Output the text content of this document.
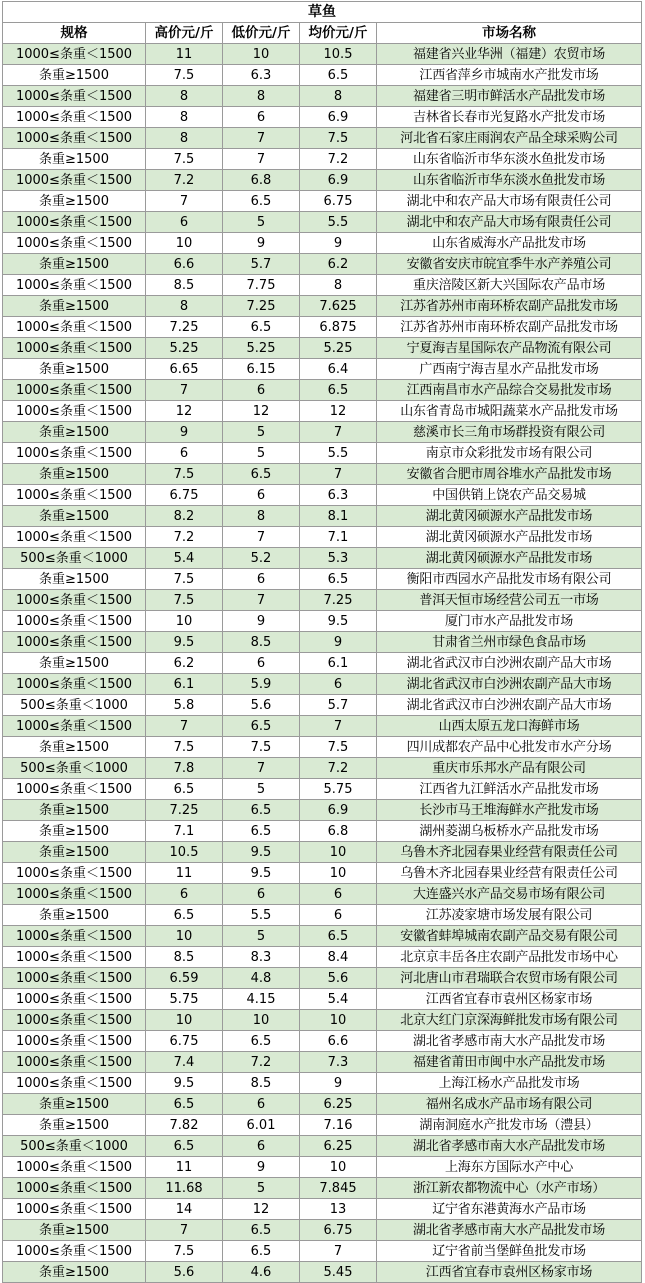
草鱼				
规格	高价元/斤	低价元/斤	均价元/斤	市场名称
1000≤条重＜1500	11	10	10.5	福建省兴业华洲（福建）农贸市场
条重≥1500	7.5	6.3	6.5	江西省萍乡市城南水产批发市场
1000≤条重＜1500	8	8	8	福建省三明市鲜活水产品批发市场
1000≤条重＜1500	8	6	6.9	吉林省长春市光复路水产批发市场
1000≤条重＜1500	8	7	7.5	河北省石家庄雨润农产品全球采购公司
条重≥1500	7.5	7	7.2	山东省临沂市华东淡水鱼批发市场
1000≤条重＜1500	7.2	6.8	6.9	山东省临沂市华东淡水鱼批发市场
条重≥1500	7	6.5	6.75	湖北中和农产品大市场有限责任公司
1000≤条重＜1500	6	5	5.5	湖北中和农产品大市场有限责任公司
1000≤条重＜1500	10	9	9	山东省威海水产品批发市场
条重≥1500	6.6	5.7	6.2	安徽省安庆市皖宜季牛水产养殖公司
1000≤条重＜1500	8.5	7.75	8	重庆涪陵区新大兴国际农产品市场
条重≥1500	8	7.25	7.625	江苏省苏州市南环桥农副产品批发市场
1000≤条重＜1500	7.25	6.5	6.875	江苏省苏州市南环桥农副产品批发市场
1000≤条重＜1500	5.25	5.25	5.25	宁夏海吉星国际农产品物流有限公司
条重≥1500	6.65	6.15	6.4	广西南宁海吉星水产品批发市场
1000≤条重＜1500	7	6	6.5	江西南昌市水产品综合交易批发市场
1000≤条重＜1500	12	12	12	山东省青岛市城阳蔬菜水产品批发市场
条重≥1500	9	5	7	慈溪市长三角市场群投资有限公司
1000≤条重＜1500	6	5	5.5	南京市众彩批发市场有限公司
条重≥1500	7.5	6.5	7	安徽省合肥市周谷堆水产品批发市场
1000≤条重＜1500	6.75	6	6.3	中国供销上饶农产品交易城
条重≥1500	8.2	8	8.1	湖北黄冈硕源水产品批发市场
1000≤条重＜1500	7.2	7	7.1	湖北黄冈硕源水产品批发市场
500≤条重＜1000	5.4	5.2	5.3	湖北黄冈硕源水产品批发市场
条重≥1500	7.5	6	6.5	衡阳市西园水产品批发市场有限公司
1000≤条重＜1500	7.5	7	7.25	普洱天恒市场经营公司五一市场
1000≤条重＜1500	10	9	9.5	厦门市水产品批发市场
1000≤条重＜1500	9.5	8.5	9	甘肃省兰州市绿色食品市场
条重≥1500	6.2	6	6.1	湖北省武汉市白沙洲农副产品大市场
1000≤条重＜1500	6.1	5.9	6	湖北省武汉市白沙洲农副产品大市场
500≤条重＜1000	5.8	5.6	5.7	湖北省武汉市白沙洲农副产品大市场
1000≤条重＜1500	7	6.5	7	山西太原五龙口海鲜市场
条重≥1500	7.5	7.5	7.5	四川成都农产品中心批发市水产分场
500≤条重＜1000	7.8	7	7.2	重庆市乐邦水产品有限公司
1000≤条重＜1500	6.5	5	5.75	江西省九江鲜活水产品批发市场
条重≥1500	7.25	6.5	6.9	长沙市马王堆海鲜水产批发市场
条重≥1500	7.1	6.5	6.8	湖州菱湖乌板桥水产品批发市场
条重≥1500	10.5	9.5	10	乌鲁木齐北园春果业经营有限责任公司
1000≤条重＜1500	11	9.5	10	乌鲁木齐北园春果业经营有限责任公司
1000≤条重＜1500	6	6	6	大连盛兴水产品交易市场有限公司
条重≥1500	6.5	5.5	6	江苏凌家塘市场发展有限公司
1000≤条重＜1500	10	5	6.5	安徽省蚌埠城南农副产品交易有限公司
1000≤条重＜1500	8.5	8.3	8.4	北京京丰岳各庄农副产品批发市场中心
1000≤条重＜1500	6.59	4.8	5.6	河北唐山市君瑞联合农贸市场有限公司
1000≤条重＜1500	5.75	4.15	5.4	江西省宜春市袁州区杨家市场
1000≤条重＜1500	10	10	10	北京大红门京深海鲜批发市场有限公司
1000≤条重＜1500	6.75	6.5	6.6	湖北省孝感市南大水产品批发市场
1000≤条重＜1500	7.4	7.2	7.3	福建省莆田市闽中水产品批发市场
1000≤条重＜1500	9.5	8.5	9	上海江杨水产品批发市场
条重≥1500	6.5	6	6.25	福州名成水产品市场有限公司
条重≥1500	7.82	6.01	7.16	湖南洞庭水产批发市场（澧县）
500≤条重＜1000	6.5	6	6.25	湖北省孝感市南大水产品批发市场
1000≤条重＜1500	11	9	10	上海东方国际水产中心
1000≤条重＜1500	11.68	5	7.845	浙江新农都物流中心（水产市场）
1000≤条重＜1500	14	12	13	辽宁省东港黄海水产品市场
条重≥1500	7	6.5	6.75	湖北省孝感市南大水产品批发市场
1000≤条重＜1500	7.5	6.5	7	辽宁省前当堡鲜鱼批发市场
条重≥1500	5.6	4.6	5.45	江西省宜春市袁州区杨家市场
